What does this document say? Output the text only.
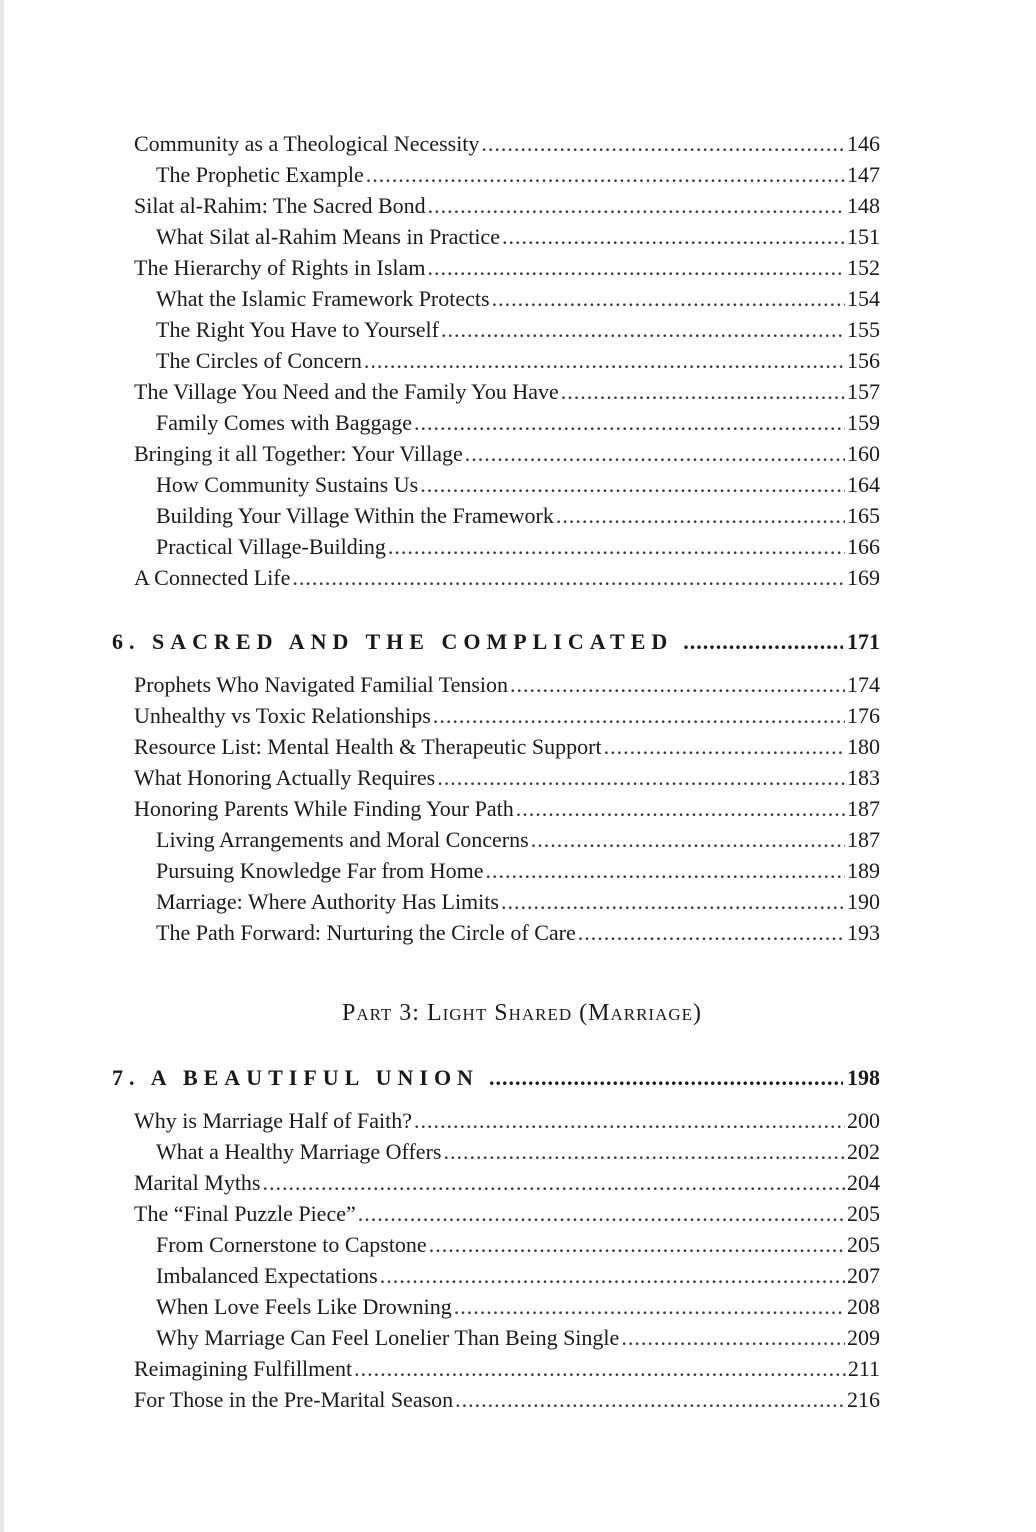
Community as a Theological Necessity .....	146
The Prophetic Example .....	147
Silat al-Rahim: The Sacred Bond .....	148
What Silat al-Rahim Means in Practice .....	151
The Hierarchy of Rights in Islam .....	152
What the Islamic Framework Protects .....	154
The Right You Have to Yourself .....	155
The Circles of Concern .....	156
The Village You Need and the Family You Have .....	157
Family Comes with Baggage .....	159
Bringing it all Together: Your Village .....	160
How Community Sustains Us .....	164
Building Your Village Within the Framework .....	165
Practical Village-Building .....	166
A Connected Life .....	169
6. SACRED AND THE COMPLICATED .....	171
Prophets Who Navigated Familial Tension .....	174
Unhealthy vs Toxic Relationships .....	176
Resource List: Mental Health & Therapeutic Support .....	180
What Honoring Actually Requires .....	183
Honoring Parents While Finding Your Path .....	187
Living Arrangements and Moral Concerns .....	187
Pursuing Knowledge Far from Home .....	189
Marriage: Where Authority Has Limits .....	190
The Path Forward: Nurturing the Circle of Care .....	193
Part 3: Light Shared (Marriage)
7. A BEAUTIFUL UNION .....	198
Why is Marriage Half of Faith? .....	200
What a Healthy Marriage Offers .....	202
Marital Myths .....	204
The “Final Puzzle Piece” .....	205
From Cornerstone to Capstone .....	205
Imbalanced Expectations .....	207
When Love Feels Like Drowning .....	208
Why Marriage Can Feel Lonelier Than Being Single .....	209
Reimagining Fulfillment .....	211
For Those in the Pre-Marital Season .....	216
